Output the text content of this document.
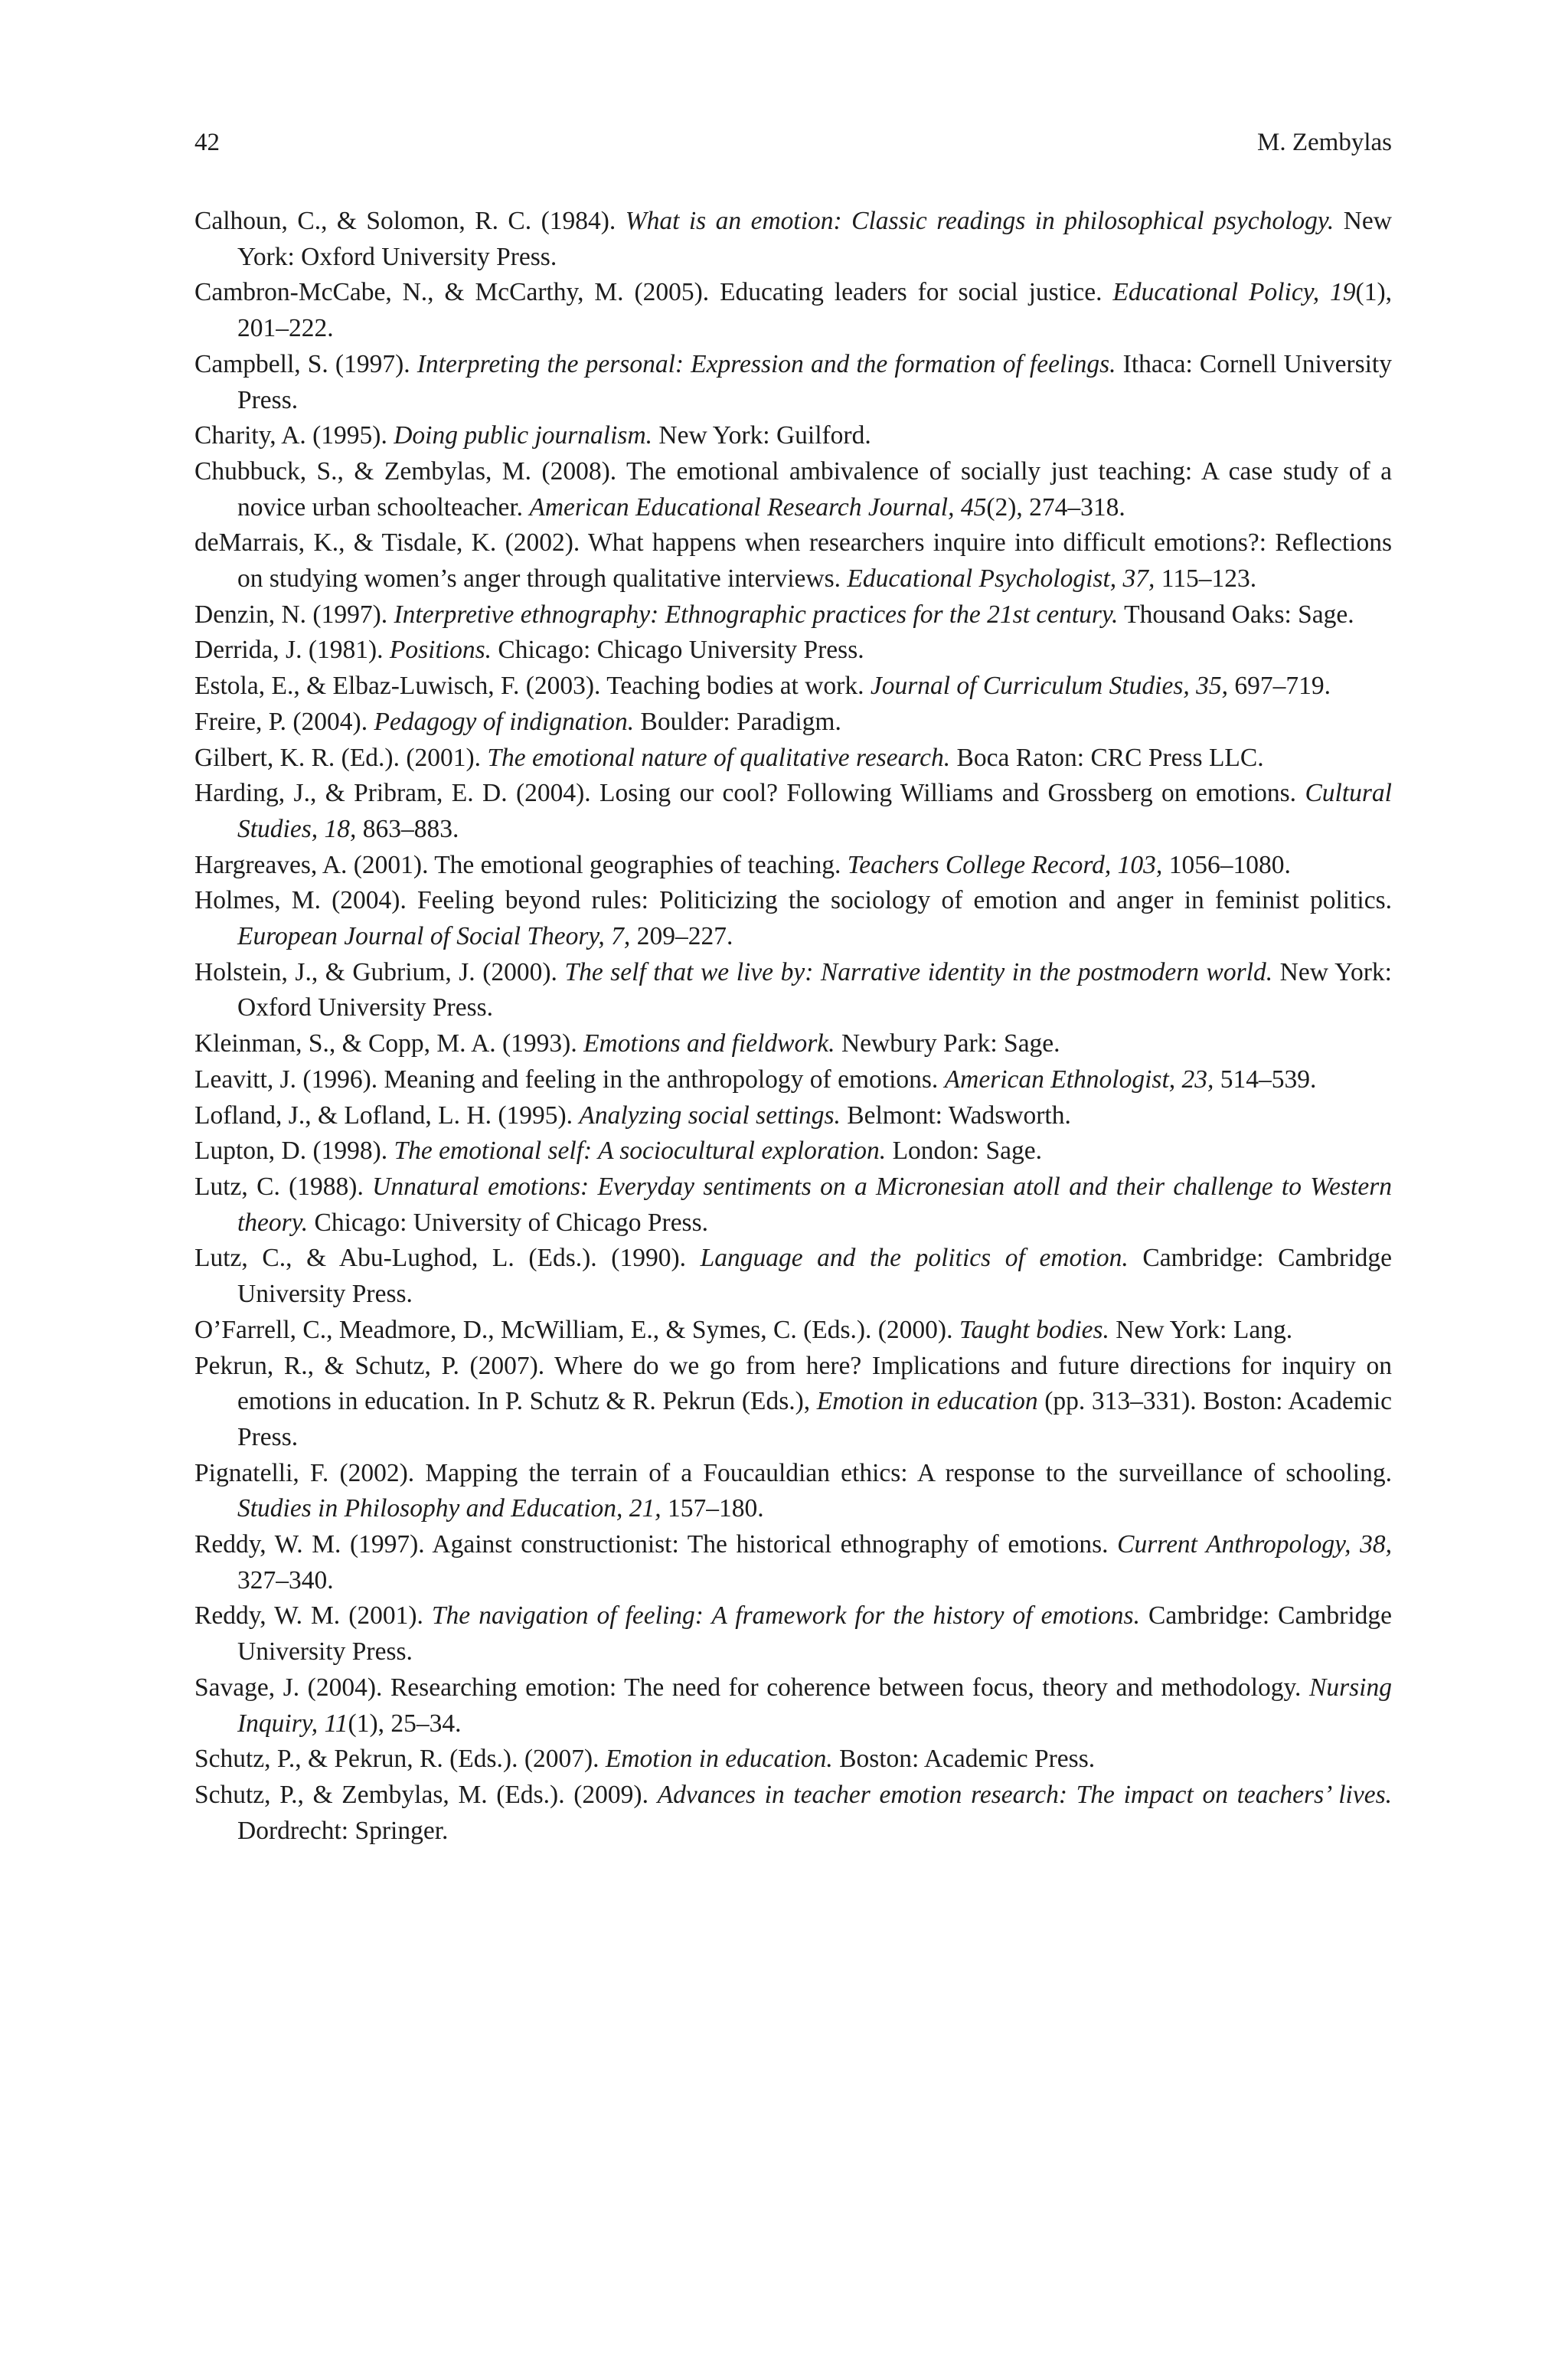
42	M. Zembylas
Calhoun, C., & Solomon, R. C. (1984). What is an emotion: Classic readings in philosophical psychology. New York: Oxford University Press.
Cambron-McCabe, N., & McCarthy, M. (2005). Educating leaders for social justice. Educational Policy, 19(1), 201–222.
Campbell, S. (1997). Interpreting the personal: Expression and the formation of feelings. Ithaca: Cornell University Press.
Charity, A. (1995). Doing public journalism. New York: Guilford.
Chubbuck, S., & Zembylas, M. (2008). The emotional ambivalence of socially just teaching: A case study of a novice urban schoolteacher. American Educational Research Journal, 45(2), 274–318.
deMarrais, K., & Tisdale, K. (2002). What happens when researchers inquire into difficult emotions?: Reflections on studying women’s anger through qualitative interviews. Educational Psychologist, 37, 115–123.
Denzin, N. (1997). Interpretive ethnography: Ethnographic practices for the 21st century. Thousand Oaks: Sage.
Derrida, J. (1981). Positions. Chicago: Chicago University Press.
Estola, E., & Elbaz-Luwisch, F. (2003). Teaching bodies at work. Journal of Curriculum Studies, 35, 697–719.
Freire, P. (2004). Pedagogy of indignation. Boulder: Paradigm.
Gilbert, K. R. (Ed.). (2001). The emotional nature of qualitative research. Boca Raton: CRC Press LLC.
Harding, J., & Pribram, E. D. (2004). Losing our cool? Following Williams and Grossberg on emotions. Cultural Studies, 18, 863–883.
Hargreaves, A. (2001). The emotional geographies of teaching. Teachers College Record, 103, 1056–1080.
Holmes, M. (2004). Feeling beyond rules: Politicizing the sociology of emotion and anger in feminist politics. European Journal of Social Theory, 7, 209–227.
Holstein, J., & Gubrium, J. (2000). The self that we live by: Narrative identity in the postmodern world. New York: Oxford University Press.
Kleinman, S., & Copp, M. A. (1993). Emotions and fieldwork. Newbury Park: Sage.
Leavitt, J. (1996). Meaning and feeling in the anthropology of emotions. American Ethnologist, 23, 514–539.
Lofland, J., & Lofland, L. H. (1995). Analyzing social settings. Belmont: Wadsworth.
Lupton, D. (1998). The emotional self: A sociocultural exploration. London: Sage.
Lutz, C. (1988). Unnatural emotions: Everyday sentiments on a Micronesian atoll and their challenge to Western theory. Chicago: University of Chicago Press.
Lutz, C., & Abu-Lughod, L. (Eds.). (1990). Language and the politics of emotion. Cambridge: Cambridge University Press.
O’Farrell, C., Meadmore, D., McWilliam, E., & Symes, C. (Eds.). (2000). Taught bodies. New York: Lang.
Pekrun, R., & Schutz, P. (2007). Where do we go from here? Implications and future directions for inquiry on emotions in education. In P. Schutz & R. Pekrun (Eds.), Emotion in education (pp. 313–331). Boston: Academic Press.
Pignatelli, F. (2002). Mapping the terrain of a Foucauldian ethics: A response to the surveillance of schooling. Studies in Philosophy and Education, 21, 157–180.
Reddy, W. M. (1997). Against constructionist: The historical ethnography of emotions. Current Anthropology, 38, 327–340.
Reddy, W. M. (2001). The navigation of feeling: A framework for the history of emotions. Cambridge: Cambridge University Press.
Savage, J. (2004). Researching emotion: The need for coherence between focus, theory and methodology. Nursing Inquiry, 11(1), 25–34.
Schutz, P., & Pekrun, R. (Eds.). (2007). Emotion in education. Boston: Academic Press.
Schutz, P., & Zembylas, M. (Eds.). (2009). Advances in teacher emotion research: The impact on teachers’ lives. Dordrecht: Springer.
